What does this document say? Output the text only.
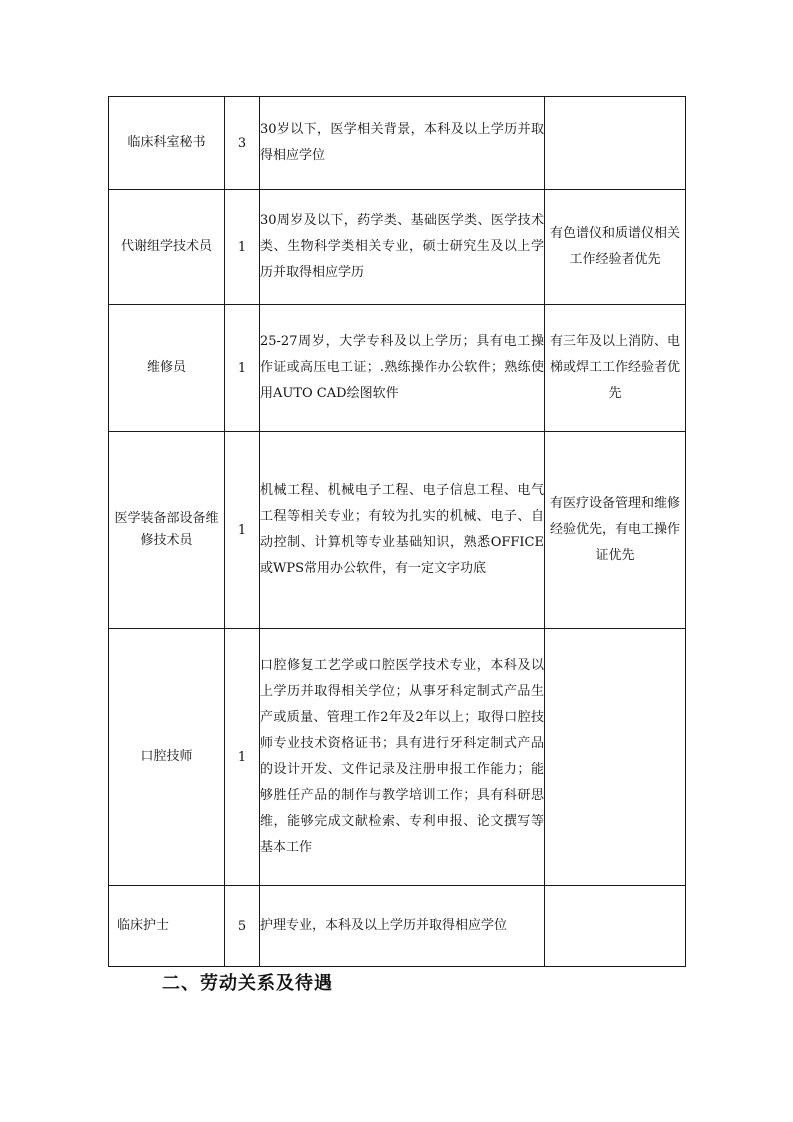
临床科室秘书	3	30岁以下，医学相关背景，本科及以上学历并取得相应学位	

代谢组学技术员	1	30周岁及以下，药学类、基础医学类、医学技术类、生物科学类相关专业，硕士研究生及以上学历并取得相应学历	有色谱仪和质谱仪相关工作经验者优先
维修员	1	25-27周岁，大学专科及以上学历；具有电工操作证或高压电工证；.熟练操作办公软件；熟练使用AUTO CAD绘图软件	有三年及以上消防、电梯或焊工工作经验者优先
医学装备部设备维修技术员	1	机械工程、机械电子工程、电子信息工程、电气工程等相关专业；有较为扎实的机械、电子、自动控制、计算机等专业基础知识，熟悉OFFICE或WPS常用办公软件，有一定文字功底	有医疗设备管理和维修经验优先，有电工操作证优先
口腔技师	1	口腔修复工艺学或口腔医学技术专业，本科及以上学历并取得相关学位；从事牙科定制式产品生产或质量、管理工作2年及2年以上；取得口腔技师专业技术资格证书；具有进行牙科定制式产品的设计开发、文件记录及注册申报工作能力；能够胜任产品的制作与教学培训工作；具有科研思维，能够完成文献检索、专利申报、论文撰写等基本工作	

临床护士	5	护理专业，本科及以上学历并取得相应学位	

二、劳动关系及待遇
